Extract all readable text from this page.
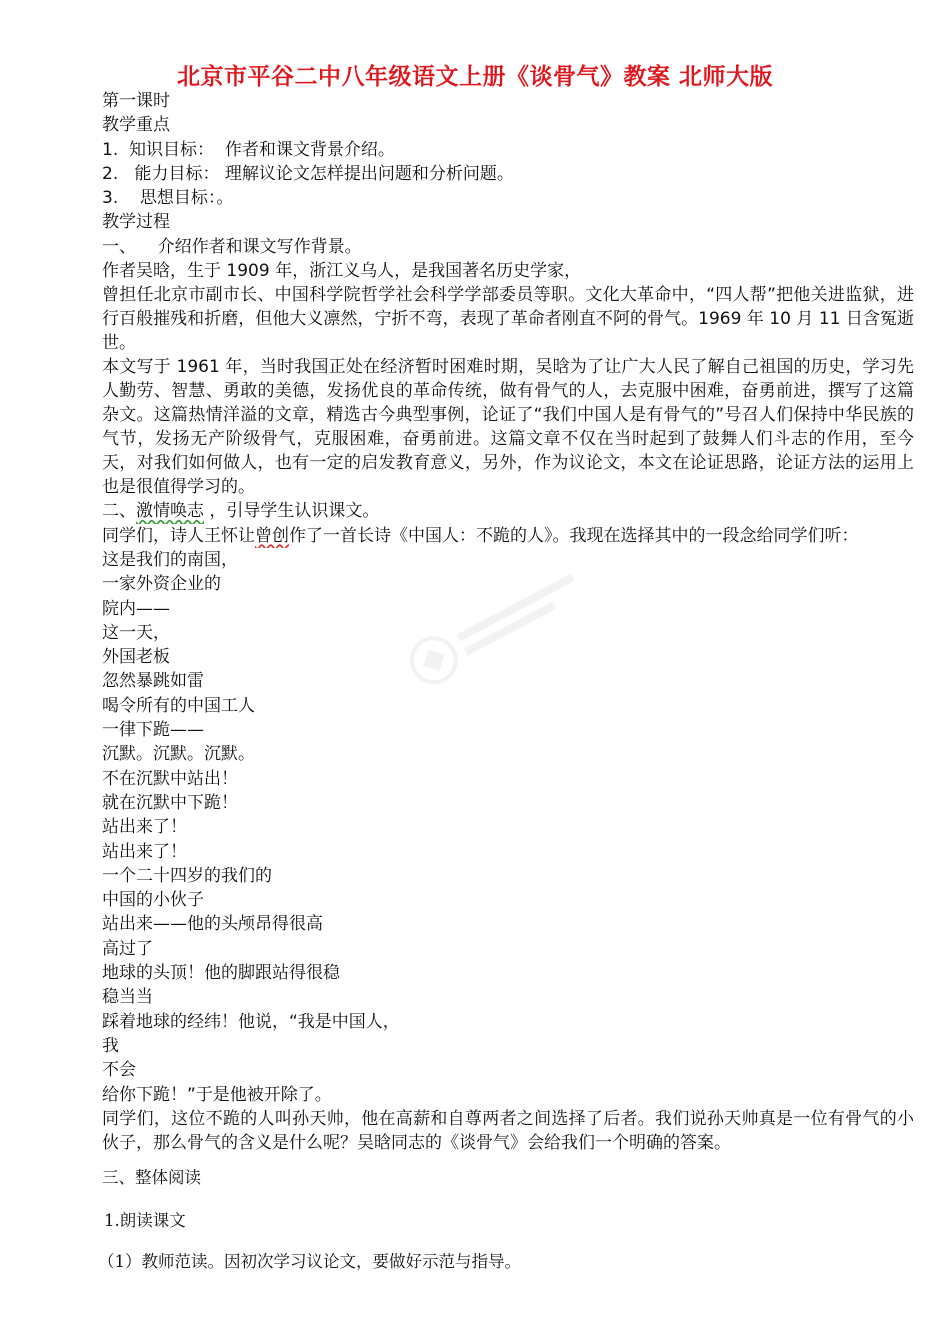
北京市平谷二中八年级语文上册《谈骨气》教案 北师大版
第一课时
教学重点
1. 知识目标： 作者和课文背景介绍。
2. 能力目标： 理解议论文怎样提出问题和分析问题。
3. 思想目标：。
教学过程
一、    介绍作者和课文写作背景。
作者吴晗，生于 1909 年，浙江义乌人，是我国著名历史学家，
曾担任北京市副市长、中国科学院哲学社会科学学部委员等职。文化大革命中，“四人帮”把他关进监狱，进行百般摧残和折磨，但他大义凛然，宁折不弯，表现了革命者刚直不阿的骨气。1969 年 10 月 11 日含冤逝世。
本文写于 1961 年，当时我国正处在经济暂时困难时期，吴晗为了让广大人民了解自己祖国的历史，学习先人勤劳、智慧、勇敢的美德，发扬优良的革命传统，做有骨气的人，去克服中困难，奋勇前进，撰写了这篇杂文。这篇热情洋溢的文章，精选古今典型事例，论证了“我们中国人是有骨气的”号召人们保持中华民族的气节，发扬无产阶级骨气，克服困难，奋勇前进。这篇文章不仅在当时起到了鼓舞人们斗志的作用，至今天，对我们如何做人，也有一定的启发教育意义，另外，作为议论文，本文在论证思路，论证方法的运用上也是很值得学习的。
二、激情唤志 ，引导学生认识课文。
同学们，诗人王怀让曾创作了一首长诗《中国人：不跪的人》。我现在选择其中的一段念给同学们听：
这是我们的南国，
一家外资企业的
院内——
这一天，
外国老板
忽然暴跳如雷
喝令所有的中国工人
一律下跪——
沉默。沉默。沉默。
不在沉默中站出！
就在沉默中下跪！
站出来了！
站出来了！
一个二十四岁的我们的
中国的小伙子
站出来——他的头颅昂得很高
高过了
地球的头顶！他的脚跟站得很稳
稳当当
踩着地球的经纬！他说，“我是中国人，
我
不会
给你下跪！”于是他被开除了。
同学们，这位不跪的人叫孙天帅，他在高薪和自尊两者之间选择了后者。我们说孙天帅真是一位有骨气的小伙子，那么骨气的含义是什么呢？吴晗同志的《谈骨气》会给我们一个明确的答案。
三、整体阅读
1.朗读课文
（1）教师范读。因初次学习议论文，要做好示范与指导。
